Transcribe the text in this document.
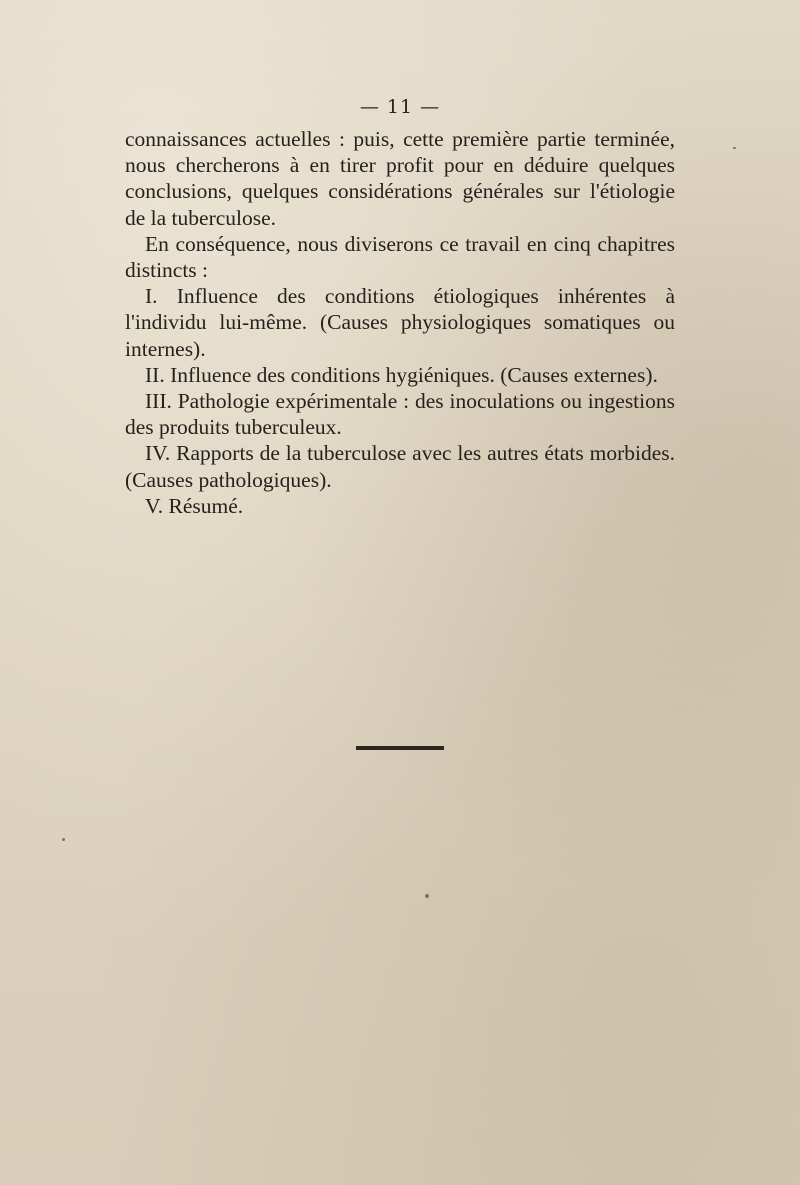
— 11 —

connaissances actuelles : puis, cette première partie terminée, nous chercherons à en tirer profit pour en déduire quelques conclusions, quelques considérations générales sur l'étiologie de la tuberculose.

En conséquence, nous diviserons ce travail en cinq chapitres distincts :

I. Influence des conditions étiologiques inhérentes à l'individu lui-même. (Causes physiologiques somatiques ou internes).

II. Influence des conditions hygiéniques. (Causes externes).

III. Pathologie expérimentale : des inoculations ou ingestions des produits tuberculeux.

IV. Rapports de la tuberculose avec les autres états morbides. (Causes pathologiques).

V. Résumé.
